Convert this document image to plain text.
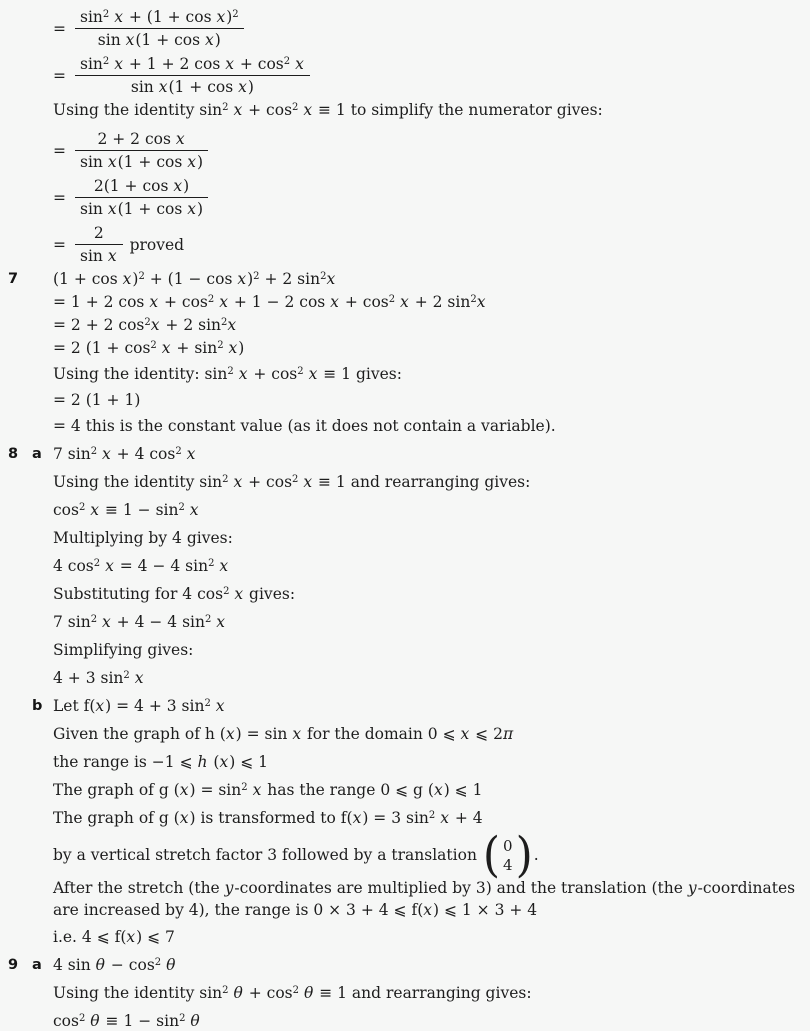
= $\frac{\sin^2 x + (1 + \cos x)^2}{\text{sin x(1 + cos x)}}$
= $\frac{\sin^2 x + 1 + 2 \cos x + \cos^2 x}{\text{sin x(1 + cos x)}}$
Using the identity $\sin^2 x + \cos^2 x \equiv 1$ to simplify the numerator gives:
= $\frac{\text{2 + 2 cos x}}{\text{sin x(1 + cos x)}}$
= $\frac{\text{2(1 + cos x)}}{\text{sin x(1 + cos x)}}$
= $\frac{2}{\text{sin x}}$ proved
7	$(1 + \cos x)^2 + (1 - \cos x)^2 + 2$ $\sin^2x$
= 1 + 2 $\cos x + \cos^2 x + 1 - 2$ $\cos x + \cos^2 x + 2$ $\sin^2x$
= 2 + 2 $\cos^2x + 2$ $\sin^2x$
= 2 $(1 + \cos^2 x + \sin^2 x)$
Using the identity: $\sin^2 x + \cos^2 x \equiv 1$ gives:
= 2 (1 + 1)
= 4 this is the constant value (as it does not contain a variable).
8 a 7 $\sin^2 x + 4$ $\cos^2 x$
Using the identity $\sin^2 x + \cos^2 x \equiv 1$ and rearranging gives:
$\cos^2 x \equiv 1 - \sin^2 x$
Multiplying by 4 gives:
4 $\cos^2 x = 4 - 4$ $\sin^2 x$
Substituting for 4 $\cos^2 x$ gives:
7 $\sin^2 x + 4 - 4$ $\sin^2 x$
Simplifying gives:
4 + 3 $\sin^2 x$
b Let f(x) = 4 + 3 $\sin^2 x$
Given the graph of h (x) = sin x for the domain 0 ⩽ x ⩽ 2π
the range is −1 ⩽ h (x) ⩽ 1
The graph of g $(x) = \sin^2 x$ has the range 0 ⩽ g (x) ⩽ 1
The graph of g (x) is transformed to f(x) = 3 $\sin^2 x + 4$
by a vertical stretch factor 3 followed by a translation ( 0
4 ) .
After the stretch (the y-coordinates are multiplied by 3) and the translation (the y-coordinates are increased by 4), the range is 0 × 3 + 4 ⩽ f(x) ⩽ 1 × 3 + 4
i.e. 4 ⩽ f(x) ⩽ 7
9 a 4 $\sin \theta - \cos^2 \theta$
Using the identity $\sin^2 \theta + \cos^2 \theta \equiv 1$ and rearranging gives:
$\cos^2 \theta \equiv 1 - \sin^2 \theta$
